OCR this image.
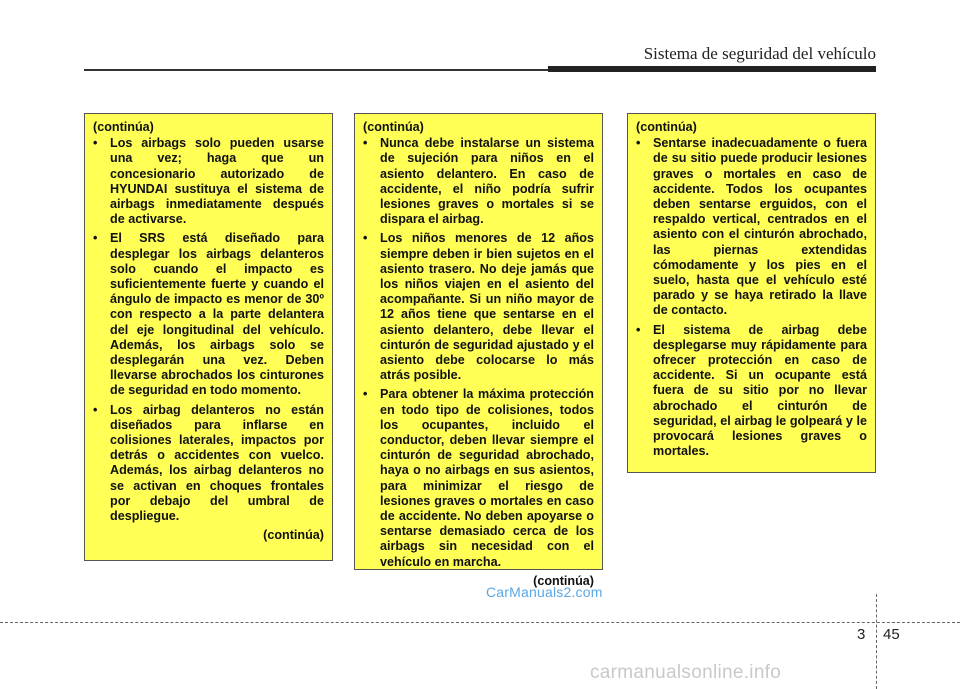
Sistema de seguridad del vehículo
(continúa)
• Los airbags solo pueden usarse una vez; haga que un concesionario autorizado de HYUNDAI sustituya el sistema de airbags inmediatamente después de activarse.
• El SRS está diseñado para desplegar los airbags delanteros solo cuando el impacto es suficientemente fuerte y cuando el ángulo de impacto es menor de 30º con respecto a la parte delantera del eje longitudinal del vehículo. Además, los airbags solo se desplegarán una vez. Deben llevarse abrochados los cinturones de seguridad en todo momento.
• Los airbag delanteros no están diseñados para inflarse en colisiones laterales, impactos por detrás o accidentes con vuelco. Además, los airbag delanteros no se activan en choques frontales por debajo del umbral de despliegue.
(continúa)
(continúa)
• Nunca debe instalarse un sistema de sujeción para niños en el asiento delantero. En caso de accidente, el niño podría sufrir lesiones graves o mortales si se dispara el airbag.
• Los niños menores de 12 años siempre deben ir bien sujetos en el asiento trasero. No deje jamás que los niños viajen en el asiento del acompañante. Si un niño mayor de 12 años tiene que sentarse en el asiento delantero, debe llevar el cinturón de seguridad ajustado y el asiento debe colocarse lo más atrás posible.
• Para obtener la máxima protección en todo tipo de colisiones, todos los ocupantes, incluido el conductor, deben llevar siempre el cinturón de seguridad abrochado, haya o no airbags en sus asientos, para minimizar el riesgo de lesiones graves o mortales en caso de accidente. No deben apoyarse o sentarse demasiado cerca de los airbags sin necesidad con el vehículo en marcha.
(continúa)
(continúa)
• Sentarse inadecuadamente o fuera de su sitio puede producir lesiones graves o mortales en caso de accidente. Todos los ocupantes deben sentarse erguidos, con el respaldo vertical, centrados en el asiento con el cinturón abrochado, las piernas extendidas cómodamente y los pies en el suelo, hasta que el vehículo esté parado y se haya retirado la llave de contacto.
• El sistema de airbag debe desplegarse muy rápidamente para ofrecer protección en caso de accidente. Si un ocupante está fuera de su sitio por no llevar abrochado el cinturón de seguridad, el airbag le golpeará y le provocará lesiones graves o mortales.
CarManuals2.com
3 45
carmanualsonline.info
